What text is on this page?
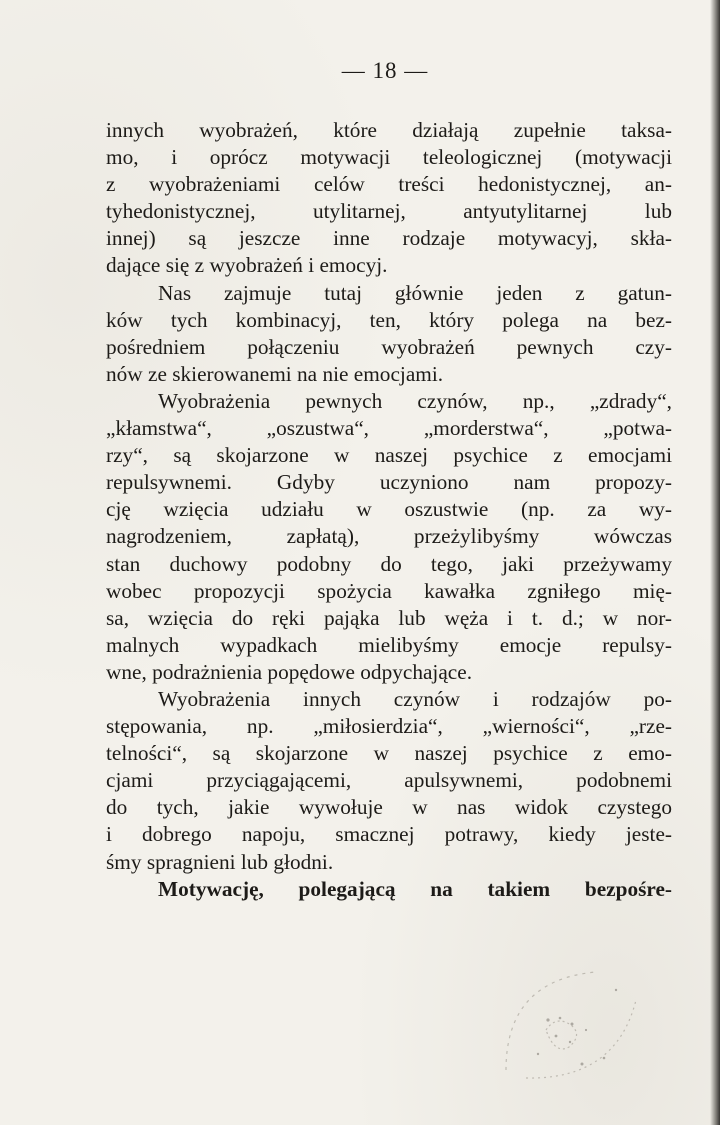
— 18 —
innych wyobrażeń, które działają zupełnie taksa-
mo, i oprócz motywacji teleologicznej (motywacji
z wyobrażeniami celów treści hedonistycznej, an-
tyhedonistycznej, utylitarnej, antyutylitarnej lub
innej) są jeszcze inne rodzaje motywacyj, skła-
dające się z wyobrażeń i emocyj.
Nas zajmuje tutaj głównie jeden z gatun-
ków tych kombinacyj, ten, który polega na bez-
pośredniem połączeniu wyobrażeń pewnych czy-
nów ze skierowanemi na nie emocjami.
Wyobrażenia pewnych czynów, np., „zdrady“,
„kłamstwa“, „oszustwa“, „morderstwa“, „potwa-
rzy“, są skojarzone w naszej psychice z emocjami
repulsywnemi. Gdyby uczyniono nam propozy-
cję wzięcia udziału w oszustwie (np. za wy-
nagrodzeniem, zapłatą), przeżylibyśmy wówczas
stan duchowy podobny do tego, jaki przeżywamy
wobec propozycji spożycia kawałka zgniłego mię-
sa, wzięcia do ręki pająka lub węża i t. d.; w nor-
malnych wypadkach mielibyśmy emocje repulsy-
wne, podrażnienia popędowe odpychające.
Wyobrażenia innych czynów i rodzajów po-
stępowania, np. „miłosierdzia“, „wierności“, „rze-
telności“, są skojarzone w naszej psychice z emo-
cjami przyciągającemi, apulsywnemi, podobnemi
do tych, jakie wywołuje w nas widok czystego
i dobrego napoju, smacznej potrawy, kiedy jeste-
śmy spragnieni lub głodni.
Motywację, polegającą na takiem bezpośre-
